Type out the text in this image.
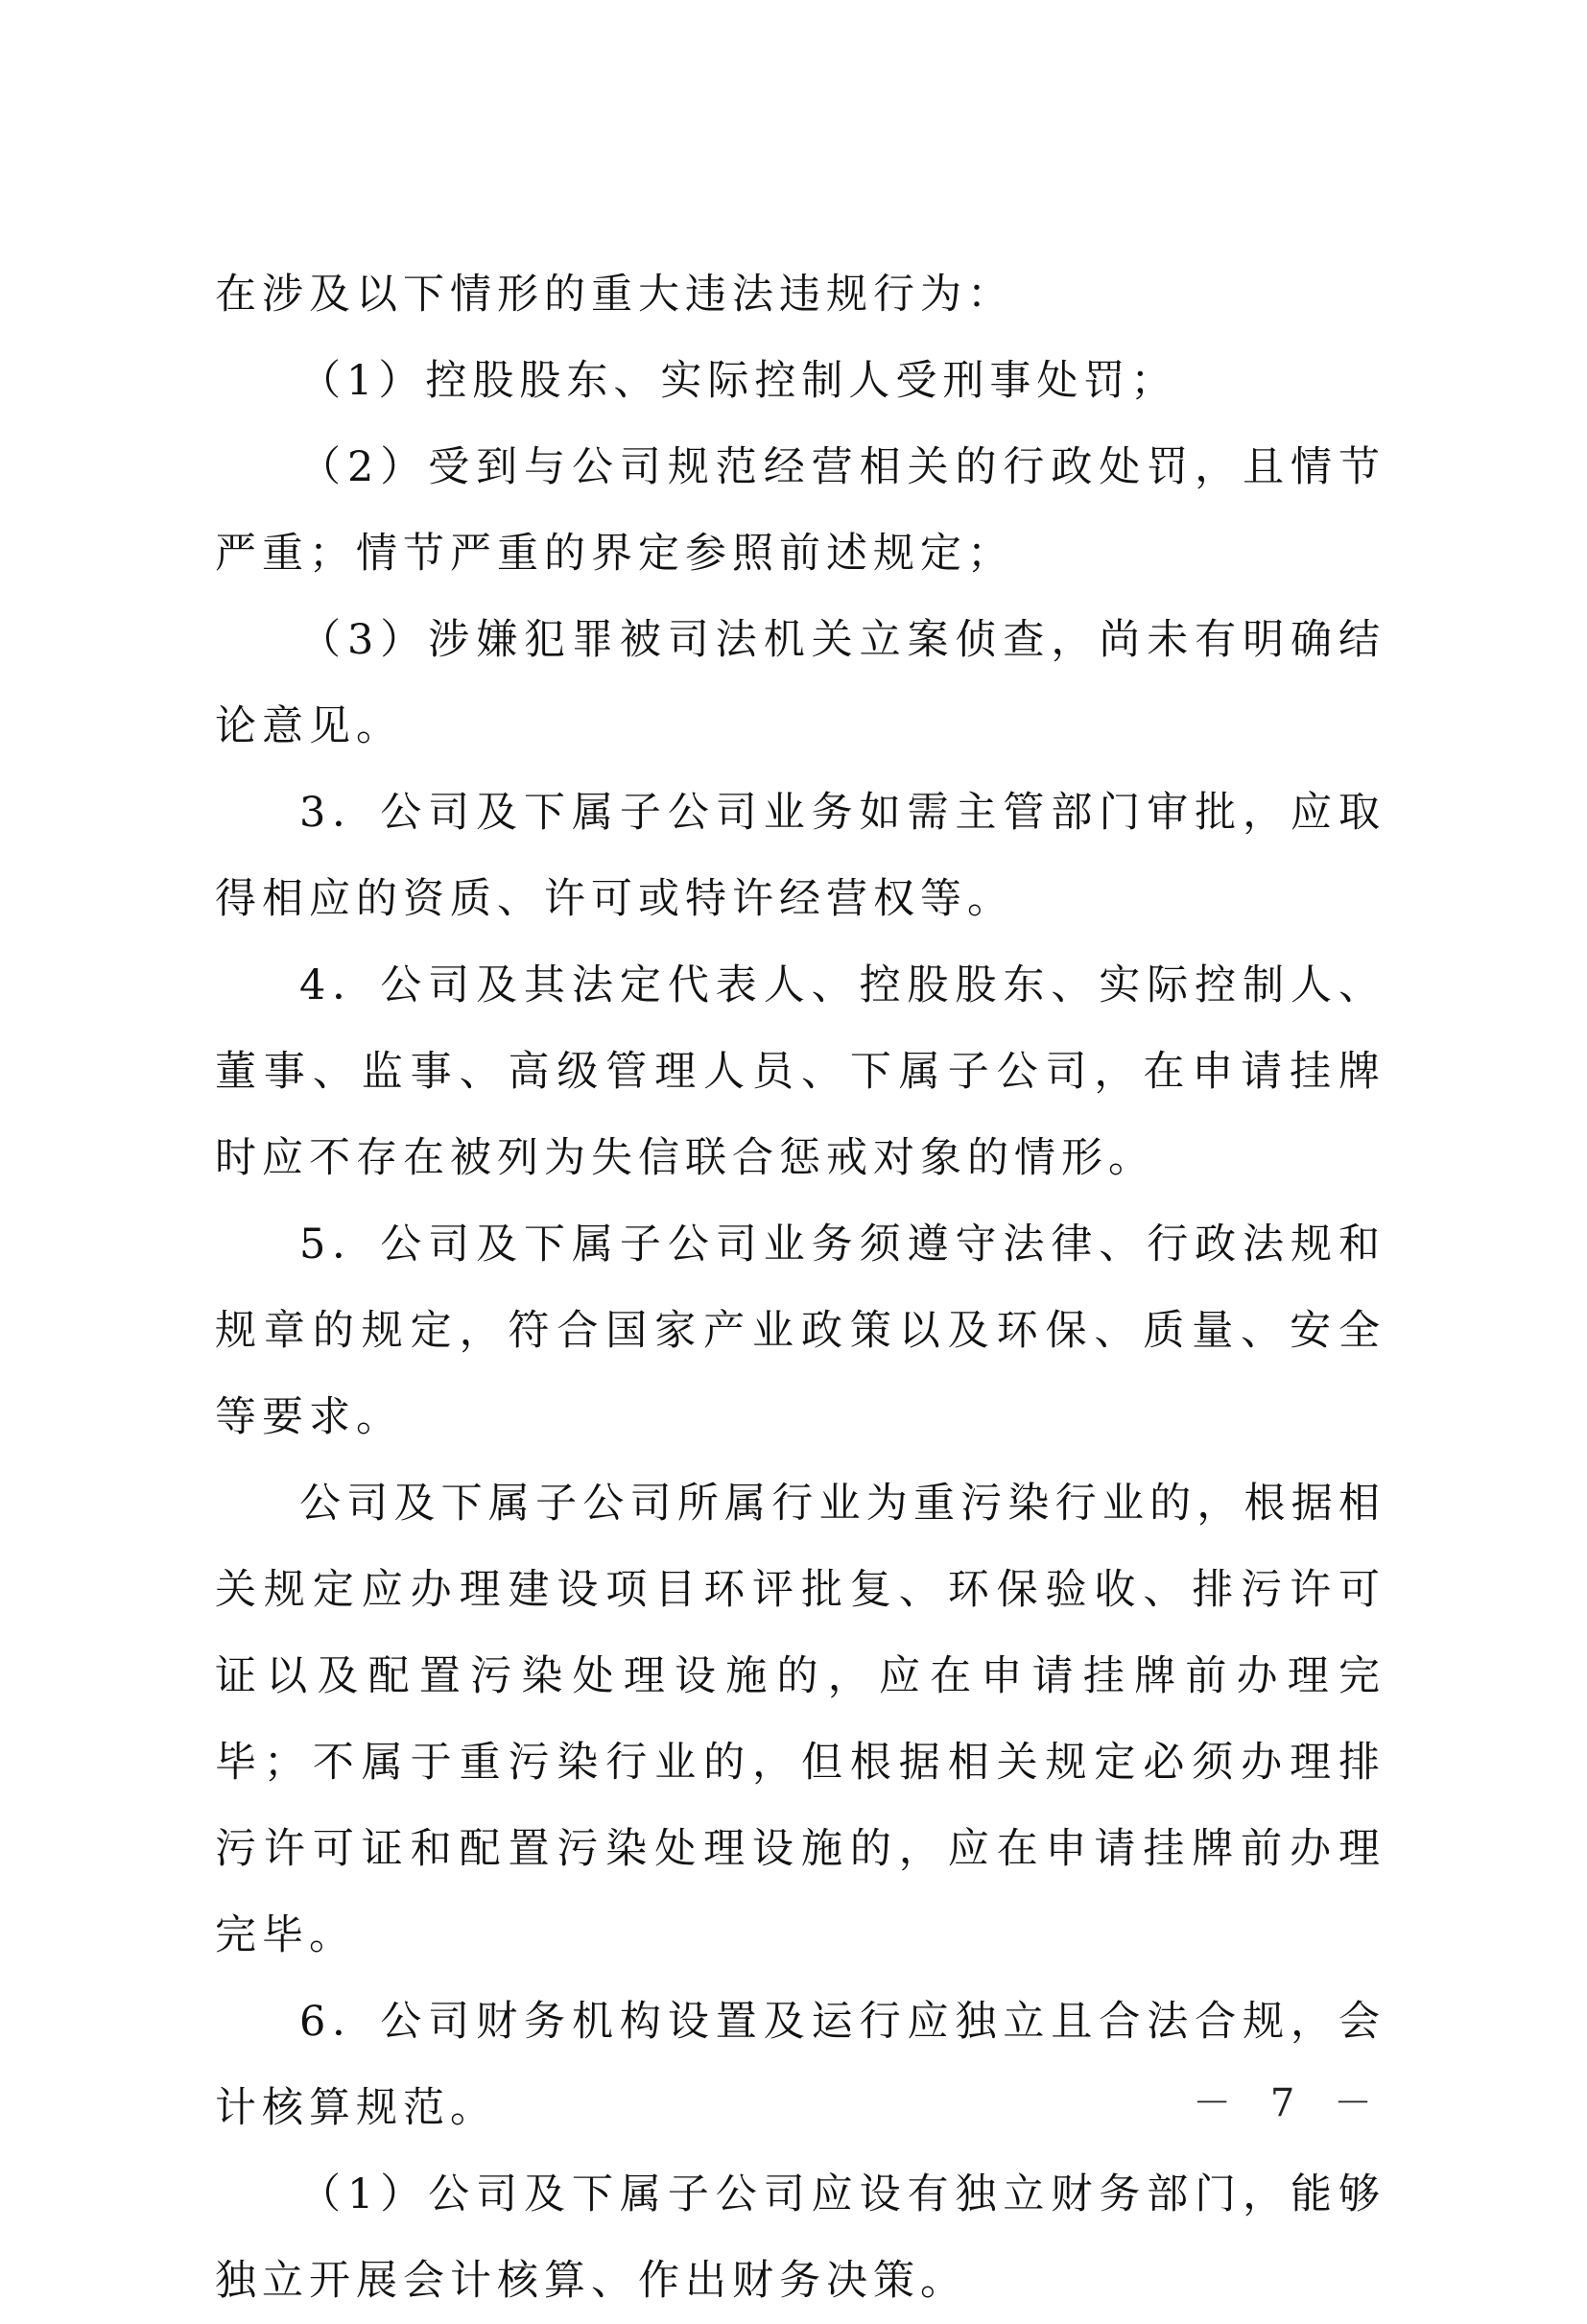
在涉及以下情形的重大违法违规行为：

（1）控股股东、实际控制人受刑事处罚；

（2）受到与公司规范经营相关的行政处罚，且情节严重；情节严重的界定参照前述规定；

（3）涉嫌犯罪被司法机关立案侦查，尚未有明确结论意见。

3．公司及下属子公司业务如需主管部门审批，应取得相应的资质、许可或特许经营权等。

4．公司及其法定代表人、控股股东、实际控制人、董事、监事、高级管理人员、下属子公司，在申请挂牌时应不存在被列为失信联合惩戒对象的情形。

5．公司及下属子公司业务须遵守法律、行政法规和规章的规定，符合国家产业政策以及环保、质量、安全等要求。

公司及下属子公司所属行业为重污染行业的，根据相关规定应办理建设项目环评批复、环保验收、排污许可证以及配置污染处理设施的，应在申请挂牌前办理完毕；不属于重污染行业的，但根据相关规定必须办理排污许可证和配置污染处理设施的，应在申请挂牌前办理完毕。

6．公司财务机构设置及运行应独立且合法合规，会计核算规范。

（1）公司及下属子公司应设有独立财务部门，能够独立开展会计核算、作出财务决策。

－ 7 －
